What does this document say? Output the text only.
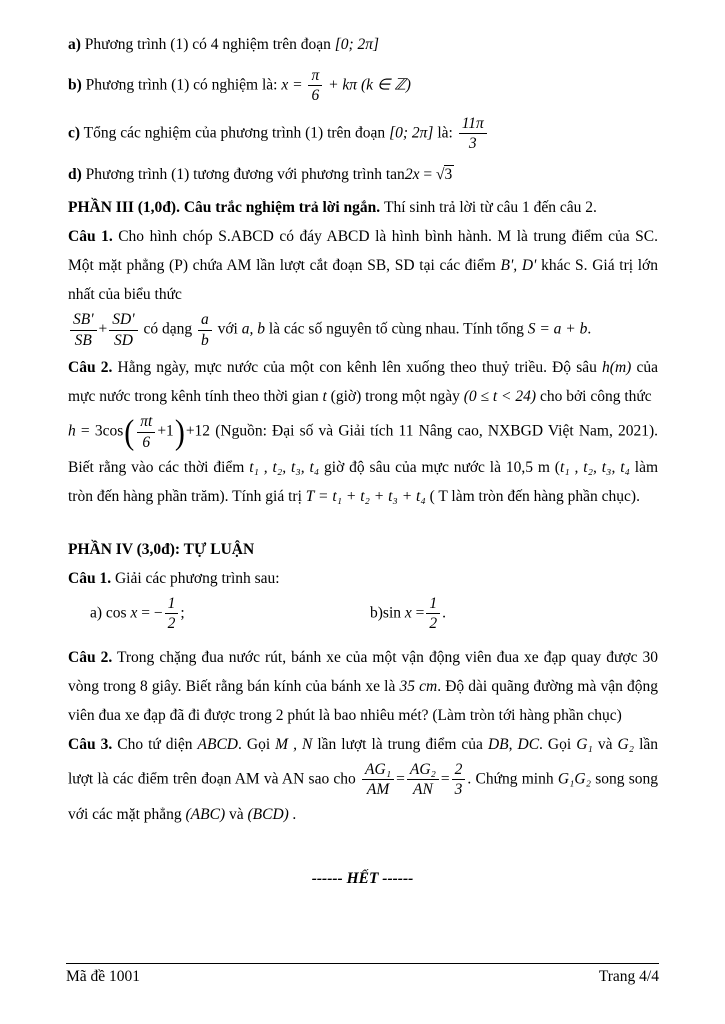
a) Phương trình (1) có 4 nghiệm trên đoạn [0; 2π]

b) Phương trình (1) có nghiệm là: $x = \frac{\pi}{6} + k\pi$ (k ∈ ℤ)

c) Tổng các nghiệm của phương trình (1) trên đoạn [0; 2π] là: $\frac{11\pi}{3}$

d) Phương trình (1) tương đương với phương trình tan2x = √3

PHẦN III (1,0đ). Câu trắc nghiệm trả lời ngắn. Thí sinh trả lời từ câu 1 đến câu 2.

Câu 1. Cho hình chóp S.ABCD có đáy ABCD là hình bình hành. M là trung điểm của SC. Một mặt phẳng (P) chứa AM lần lượt cắt đoạn SB, SD tại các điểm B', D' khác S. Giá trị lớn nhất của biểu thức

$\frac{SB'}{SB} + \frac{SD'}{SD}$ có dạng $\frac{a}{b}$ với a, b là các số nguyên tố cùng nhau. Tính tổng S = a + b.

Câu 2. Hằng ngày, mực nước của một con kênh lên xuống theo thuỷ triều. Độ sâu h(m) của mực nước trong kênh tính theo thời gian t (giờ) trong một ngày (0 ≤ t < 24) cho bởi công thức

$h = 3\cos( \frac{\pi t}{6} +1)+12$ (Nguồn: Đại số và Giải tích 11 Nâng cao, NXBGD Việt Nam, 2021). Biết rằng vào các thời điểm t₁ , t₂, t₃, t₄ giờ độ sâu của mực nước là 10,5 m (t₁ , t₂, t₃, t₄ làm tròn đến hàng phần trăm). Tính giá trị T = t₁ + t₂ + t₃ + t₄ ( T làm tròn đến hàng phần chục).

PHẦN IV (3,0đ): TỰ LUẬN

Câu 1. Giải các phương trình sau:

a) cos x = − $\frac{1}{2}$ ;	b)sin $x = \frac{1}{2}$ .

Câu 2. Trong chặng đua nước rút, bánh xe của một vận động viên đua xe đạp quay được 30 vòng trong 8 giây. Biết rằng bán kính của bánh xe là 35 cm. Độ dài quãng đường mà vận động viên đua xe đạp đã đi được trong 2 phút là bao nhiêu mét? (Làm tròn tới hàng phần chục)

Câu 3. Cho tứ diện ABCD. Gọi M , N lần lượt là trung điểm của DB, DC. Gọi G₁ và G₂ lần lượt là các điểm trên đoạn AM và AN sao cho $\frac{\text{AG₁}}{AM} = \frac{\text{AG₂}}{AN} = \frac{2}{3}$ . Chứng minh G₁G₂ song song với các mặt phẳng (ABC) và (BCD) .

------ HẾT ------
Mã đề 1001	Trang 4/4
